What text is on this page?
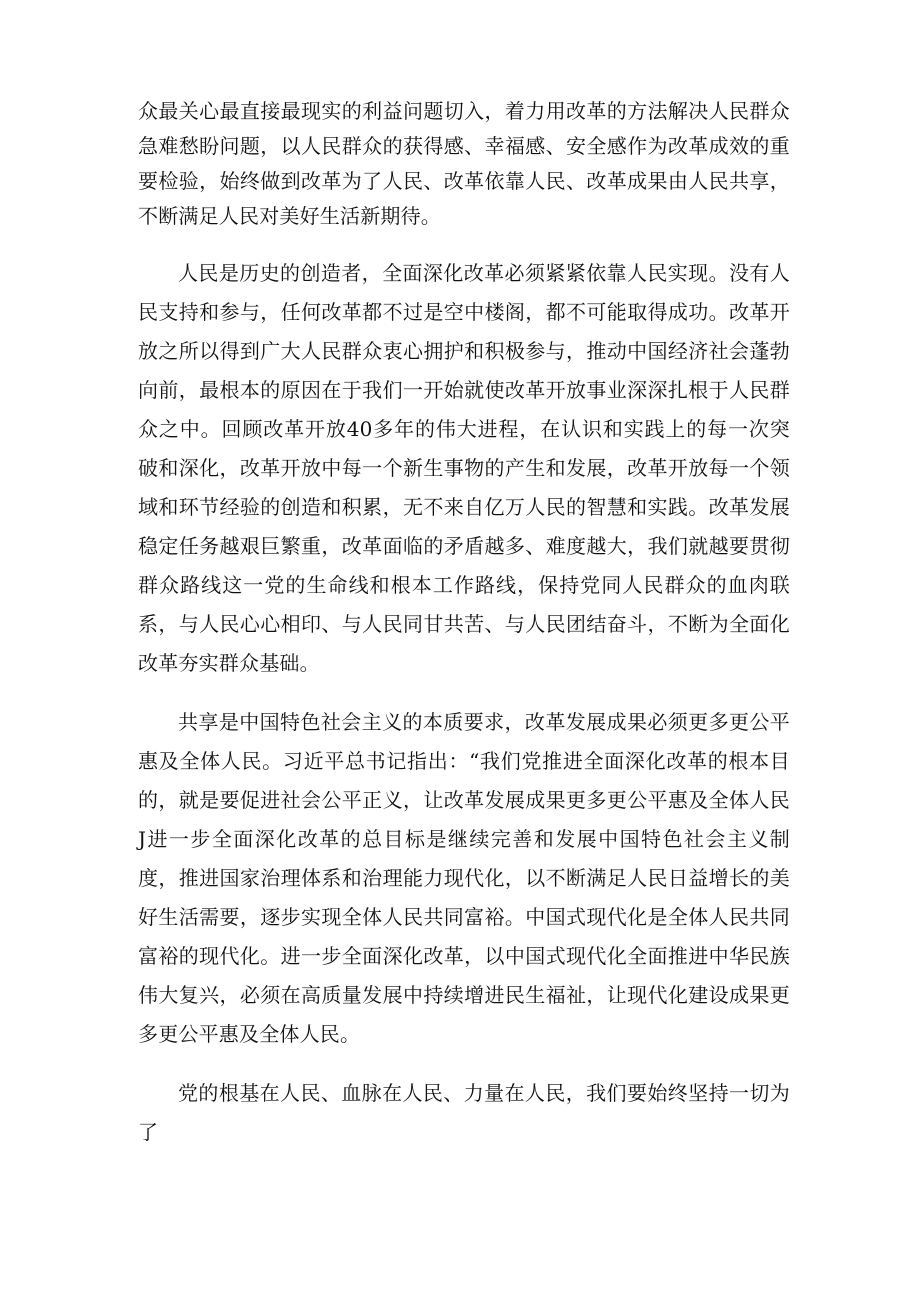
众最关心最直接最现实的利益问题切入，着力用改革的方法解决人民群众急难愁盼问题，以人民群众的获得感、幸福感、安全感作为改革成效的重要检验，始终做到改革为了人民、改革依靠人民、改革成果由人民共享，不断满足人民对美好生活新期待。

人民是历史的创造者，全面深化改革必须紧紧依靠人民实现。没有人民支持和参与，任何改革都不过是空中楼阁，都不可能取得成功。改革开放之所以得到广大人民群众衷心拥护和积极参与，推动中国经济社会蓬勃向前，最根本的原因在于我们一开始就使改革开放事业深深扎根于人民群众之中。回顾改革开放40多年的伟大进程，在认识和实践上的每一次突破和深化，改革开放中每一个新生事物的产生和发展，改革开放每一个领域和环节经验的创造和积累，无不来自亿万人民的智慧和实践。改革发展稳定任务越艰巨繁重，改革面临的矛盾越多、难度越大，我们就越要贯彻群众路线这一党的生命线和根本工作路线，保持党同人民群众的血肉联系，与人民心心相印、与人民同甘共苦、与人民团结奋斗，不断为全面化改革夯实群众基础。

共享是中国特色社会主义的本质要求，改革发展成果必须更多更公平惠及全体人民。习近平总书记指出：“我们党推进全面深化改革的根本目的，就是要促进社会公平正义，让改革发展成果更多更公平惠及全体人民J进一步全面深化改革的总目标是继续完善和发展中国特色社会主义制度，推进国家治理体系和治理能力现代化，以不断满足人民日益增长的美好生活需要，逐步实现全体人民共同富裕。中国式现代化是全体人民共同富裕的现代化。进一步全面深化改革，以中国式现代化全面推进中华民族伟大复兴，必须在高质量发展中持续增进民生福祉，让现代化建设成果更多更公平惠及全体人民。

党的根基在人民、血脉在人民、力量在人民，我们要始终坚持一切为了
